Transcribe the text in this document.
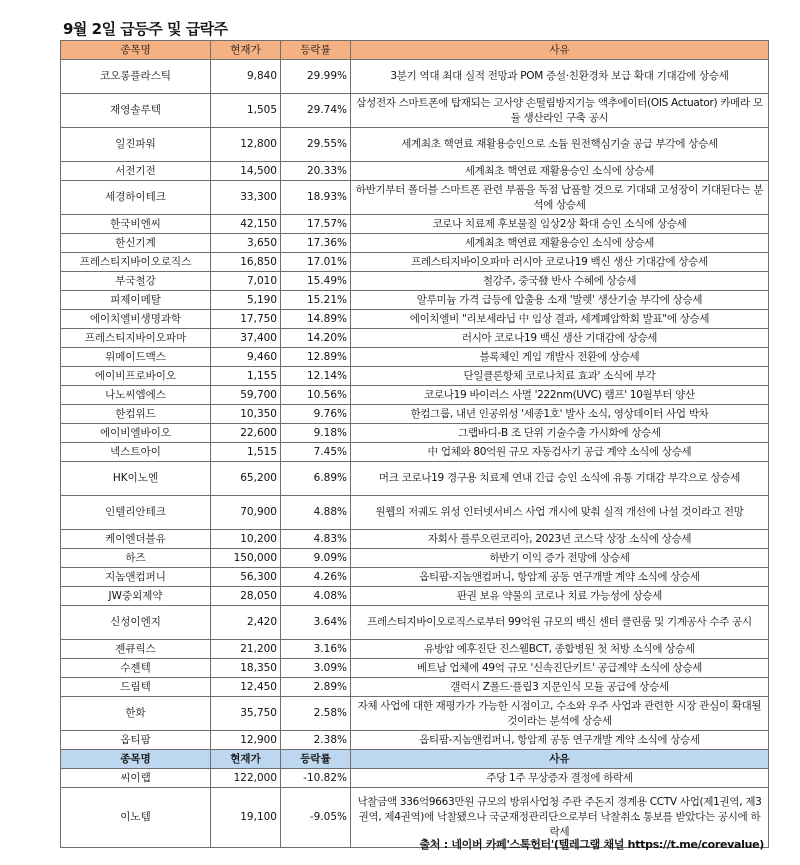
9월 2일 급등주 및 급락주
종목명	현재가	등락률	사유
코오롱플라스틱	9,840	29.99%	3분기 역대 최대 실적 전망과 POM 증설·친환경차 보급 확대 기대감에 상승세
재영솔루텍	1,505	29.74%	삼성전자 스마트폰에 탑재되는 고사양 손떨림방지기능 액추에이터(OIS Actuator) 카메라 모듈 생산라인 구축 공시
일진파워	12,800	29.55%	세계최초 핵연료 재활용승인으로 소듐 원전핵심기술 공급 부각에 상승세
서전기전	14,500	20.33%	세계최초 핵연료 재활용승인 소식에 상승세
세경하이테크	33,300	18.93%	하반기부터 폴더블 스마트폰 관련 부품을 독점 납품할 것으로 기대돼 고성장이 기대된다는 분석에 상승세
한국비엔씨	42,150	17.57%	코로나 치료제 후보물질 임상2상 확대 승인 소식에 상승세
한신기계	3,650	17.36%	세계최초 핵연료 재활용승인 소식에 상승세
프레스티지바이오로직스	16,850	17.01%	프레스티지바이오파마 러시아 코로나19 백신 생산 기대감에 상승세
부국철강	7,010	15.49%	철강주, 중국發 반사 수혜에 상승세
피제이메탈	5,190	15.21%	알루미늄 가격 급등에 압출용 소재 '발렛' 생산기술 부각에 상승세
에이치엘비생명과학	17,750	14.89%	에이치엘비 "리보세라닙 中 임상 결과, 세계폐암학회 발표"에 상승세
프레스티지바이오파마	37,400	14.20%	러시아 코로나19 백신 생산 기대감에 상승세
위메이드맥스	9,460	12.89%	블록체인 게임 개발사 전환에 상승세
에이비프로바이오	1,155	12.14%	단일클론항체 코로나치료 효과' 소식에 부각
나노씨엠에스	59,700	10.56%	코로나19 바이러스 사멸 '222nm(UVC) 램프' 10월부터 양산
한컴위드	10,350	9.76%	한컴그룹, 내년 인공위성 '세종1호' 발사 소식, 영상데이터 사업 박차
에이비엘바이오	22,600	9.18%	그랩바디-B 조 단위 기술수출 가시화에 상승세
넥스트아이	1,515	7.45%	中 업체와 80억원 규모 자동검사기 공급 계약 소식에 상승세
HK이노엔	65,200	6.89%	머크 코로나19 경구용 치료제 연내 긴급 승인 소식에 유통 기대감 부각으로 상승세
인텔리안테크	70,900	4.88%	원웹의 저궤도 위성 인터넷서비스 사업 개시에 맞춰 실적 개선에 나설 것이라고 전망
케이엔더블유	10,200	4.83%	자회사 플루오린코리아, 2023년 코스닥 상장 소식에 상승세
하즈	150,000	9.09%	하반기 이익 증가 전망에 상승세
지놈앤컴퍼니	56,300	4.26%	옵티팜-지놈앤컴퍼니, 항암제 공동 연구개발 계약 소식에 상승세
JW중외제약	28,050	4.08%	판권 보유 약물의 코로나 치료 가능성에 상승세
신성이엔지	2,420	3.64%	프레스티지바이오로직스로부터 99억원 규모의 백신 센터 클린룸 및 기계공사 수주 공시
젠큐릭스	21,200	3.16%	유방암 예후진단 진스웰BCT, 종합병원 첫 처방 소식에 상승세
수젠텍	18,350	3.09%	베트남 업체에 49억 규모 '신속진단키트' 공급계약 소식에 상승세
드림텍	12,450	2.89%	갤럭시 Z폴드·플립3 지문인식 모듈 공급에 상승세
한화	35,750	2.58%	자체 사업에 대한 재평가가 가능한 시점이고, 수소와 우주 사업과 관련한 시장 관심이 확대될 것이라는 분석에 상승세
옵티팜	12,900	2.38%	옵티팜-지놈앤컴퍼니, 항암제 공동 연구개발 계약 소식에 상승세
종목명	현재가	등락률	사유
씨이랩	122,000	-10.82%	주당 1주 무상증자 결정에 하락세
이노템	19,100	-9.05%	낙찰금액 336억9663만원 규모의 방위사업청 주관 주돈지 경계용 CCTV 사업(제1권역, 제3권역, 제4권역)에 낙찰됐으나 국군재정관리단으로부터 낙찰취소 통보를 받았다는 공시에 하락세
출처 : 네이버 카페'스톡헌터'(텔레그램 채널 https://t.me/corevalue)
